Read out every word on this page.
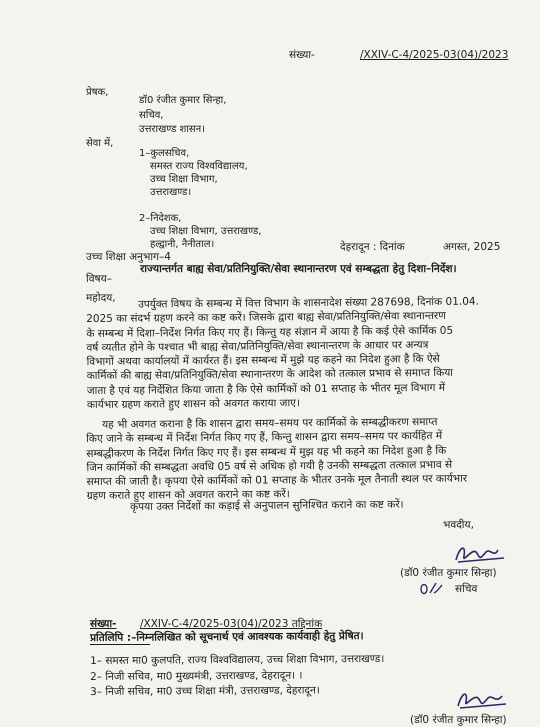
संख्या-	/XXIV-C-4/2025-03(04)/2023
प्रेषक,
डॉ0 रंजीत कुमार सिन्हा,
सचिव,
उत्तराखण्ड शासन।
सेवा में,
1–कुलसचिव,
समस्त राज्य विश्वविद्यालय,
उच्च शिक्षा विभाग,
उत्तराखण्ड।
2–निदेशक,
उच्च शिक्षा विभाग, उत्तराखण्ड,
हल्द्वानी, नैनीताल।
उच्च शिक्षा अनुभाग–4
देहरादून : दिनांक	अगस्त, 2025
विषय–
राज्यान्तर्गत बाह्य सेवा/प्रतिनियुक्ति/सेवा स्थानान्तरण एवं सम्बद्धता हेतु दिशा–निर्देश।
महोदय,	उपर्युक्त विषय के सम्बन्ध में वित्त विभाग के शासनादेश संख्या 287698, दिनांक 01.04.
2025 का संदर्भ ग्रहण करने का कष्ट करें। जिसके द्वारा बाह्य सेवा/प्रतिनियुक्ति/सेवा स्थानान्तरण
के सम्बन्ध में दिशा–निर्देश निर्गत किए गए हैं। किन्तु यह संज्ञान में आया है कि कई ऐसे कार्मिक 05
वर्ष व्यतीत होने के पश्चात भी बाह्य सेवा/प्रतिनियुक्ति/सेवा स्थानान्तरण के आधार पर अन्यत्र
विभागों अथवा कार्यालयों में कार्यरत हैं। इस सम्बन्ध में मुझे यह कहने का निदेश हुआ है कि ऐसे
कार्मिकों की बाह्य सेवा/प्रतिनियुक्ति/सेवा स्थानान्तरण के आदेश को तत्काल प्रभाव से समाप्त किया
जाता है एवं यह निर्देशित किया जाता है कि ऐसे कार्मिकों को 01 सप्ताह के भीतर मूल विभाग में
कार्यभार ग्रहण कराते हुए शासन को अवगत कराया जाए।
यह भी अवगत कराना है कि शासन द्वारा समय–समय पर कार्मिकों के सम्बद्धीकरण समाप्त
किए जाने के सम्बन्ध में निर्देश निर्गत किए गए हैं, किन्तु शासन द्वारा समय–समय पर कार्यहित में
सम्बद्धीकरण के निर्देश निर्गत किए गए हैं। इस सम्बन्ध में मुझ यह भी कहने का निदेश हुआ है कि
जिन कार्मिकों की सम्बद्धता अवधि 05 वर्ष से अधिक हो गयी है उनकी सम्बद्धता तत्काल प्रभाव से
समाप्त की जाती है। कृपया ऐसे कार्मिकों को 01 सप्ताह के भीतर उनके मूल तैनाती स्थल पर कार्यभार
ग्रहण कराते हुए शासन को अवगत कराने का कष्ट करें।
कृपया उक्त निर्देशों का कड़ाई से अनुपालन सुनिश्चित कराने का कष्ट करें।
भवदीय,
(डॉ0 रंजीत कुमार सिन्हा)
सचिव
संख्या- /XXIV-C-4/2025-03(04)/2023 तद्दिनांक
प्रतिलिपि :–निम्नलिखित को सूचनार्थ एवं आवश्यक कार्यवाही हेतु प्रेषित।
1– समस्त मा0 कुलपति, राज्य विश्वविद्यालय, उच्च शिक्षा विभाग, उत्तराखण्ड।
2– निजी सचिव, मा0 मुख्यमंत्री, उत्तराखण्ड, देहरादून। ।
3– निजी सचिव, मा0 उच्च शिक्षा मंत्री, उत्तराखण्ड, देहरादून।
(डॉ0 रंजीत कुमार सिन्हा)
